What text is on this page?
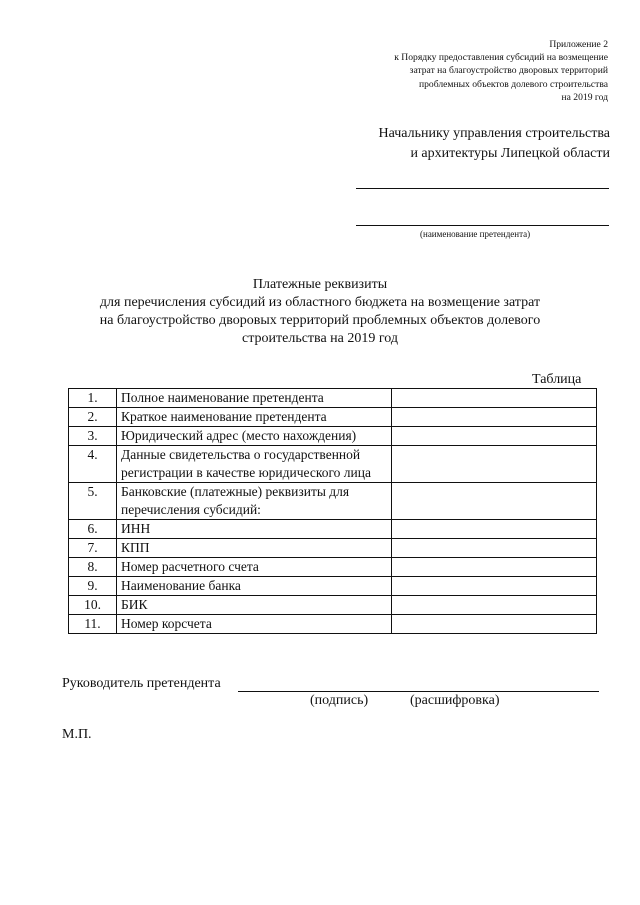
Приложение 2
к Порядку предоставления субсидий на возмещение
затрат на благоустройство дворовых территорий
проблемных объектов долевого строительства
на 2019 год
Начальнику управления строительства
и архитектуры Липецкой области
(наименование претендента)
Платежные реквизиты
для перечисления субсидий из областного бюджета на возмещение затрат
на благоустройство дворовых территорий проблемных объектов долевого
строительства на 2019 год
Таблица
1.	Полное наименование претендента	
2.	Краткое наименование претендента	
3.	Юридический адрес (место нахождения)	
4.	Данные свидетельства о государственной регистрации в качестве юридического лица	
5.	Банковские (платежные) реквизиты для перечисления субсидий:	
6.	ИНН	
7.	КПП	
8.	Номер расчетного счета	
9.	Наименование банка	
10.	БИК	
11.	Номер корсчета	
Руководитель претендента
(подпись)	(расшифровка)
М.П.
